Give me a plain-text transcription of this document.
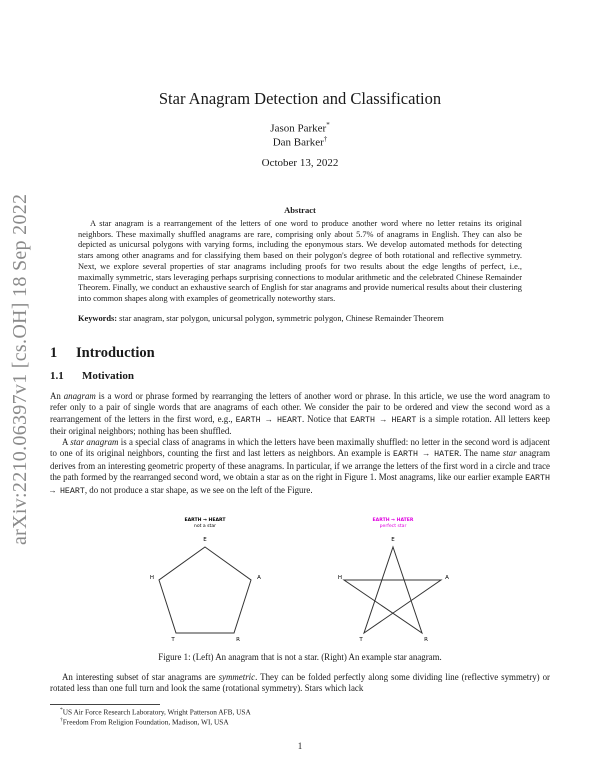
arXiv:2210.06397v1 [cs.OH] 18 Sep 2022
Star Anagram Detection and Classification
Jason Parker*
Dan Barker†
October 13, 2022
Abstract

A star anagram is a rearrangement of the letters of one word to produce another word where no letter retains its original neighbors. These maximally shuffled anagrams are rare, comprising only about 5.7% of anagrams in English. They can also be depicted as unicursal polygons with varying forms, including the eponymous stars. We develop automated methods for detecting stars among other anagrams and for classifying them based on their polygon's degree of both rotational and reflective symmetry. Next, we explore several properties of star anagrams including proofs for two results about the edge lengths of perfect, i.e., maximally symmetric, stars leveraging perhaps surprising connections to modular arithmetic and the celebrated Chinese Remainder Theorem. Finally, we conduct an exhaustive search of English for star anagrams and provide numerical results about their clustering into common shapes along with examples of geometrically noteworthy stars.

Keywords: star anagram, star polygon, unicursal polygon, symmetric polygon, Chinese Remainder Theorem

1 Introduction
1.1 Motivation

An anagram is a word or phrase formed by rearranging the letters of another word or phrase. In this article, we use the word anagram to refer only to a pair of single words that are anagrams of each other. We consider the pair to be ordered and view the second word as a rearrangement of the letters in the first word, e.g., EARTH → HEART. Notice that EARTH → HEART is a simple rotation. All letters keep their original neighbors; nothing has been shuffled.

A star anagram is a special class of anagrams in which the letters have been maximally shuffled: no letter in the second word is adjacent to one of its original neighbors, counting the first and last letters as neighbors. An example is EARTH → HATER. The name star anagram derives from an interesting geometric property of these anagrams. In particular, if we arrange the letters of the first word in a circle and trace the path formed by the rearranged second word, we obtain a star as on the right in Figure 1. Most anagrams, like our earlier example EARTH → HEART, do not produce a star shape, as we see on the left of the Figure.

EARTH → HEART
not a star
E
A
R
T
H
EARTH → HATER
perfect star
E
A
R
T
H
Figure 1: (Left) An anagram that is not a star. (Right) An example star anagram.

An interesting subset of star anagrams are symmetric. They can be folded perfectly along some dividing line (reflective symmetry) or rotated less than one full turn and look the same (rotational symmetry). Stars which lack

*US Air Force Research Laboratory, Wright Patterson AFB, USA
†Freedom From Religion Foundation, Madison, WI, USA
1
